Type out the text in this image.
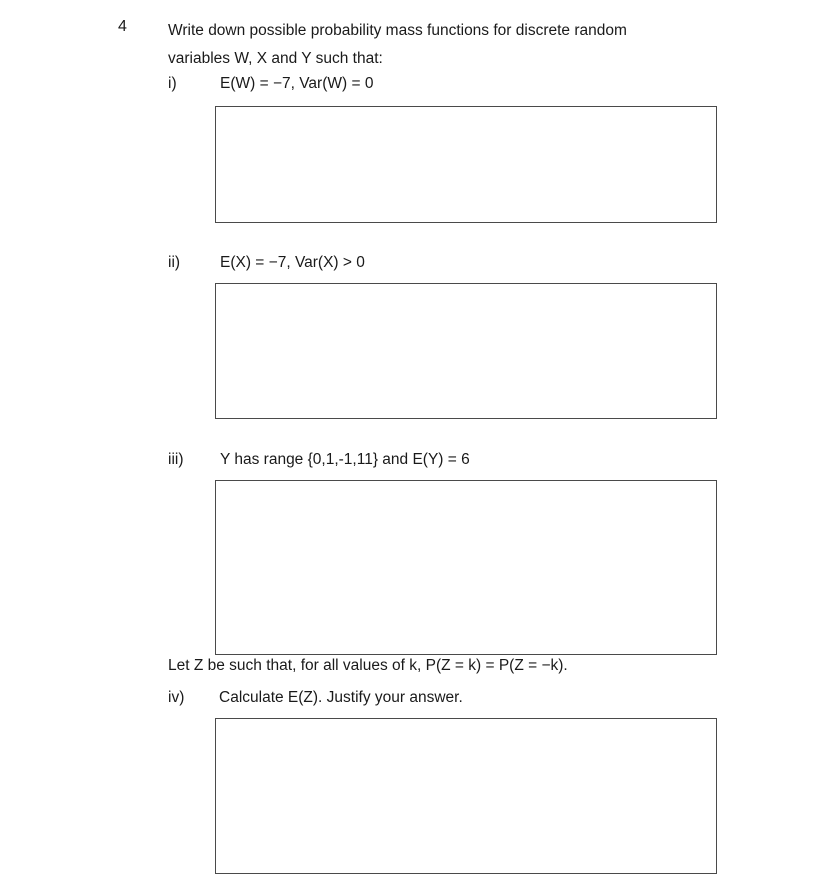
4	Write down possible probability mass functions for discrete random
variables W, X and Y such that:
i)	E(W) = −7, Var(W) = 0
ii)	E(X) = −7, Var(X) > 0
iii) Y has range {0,1,-1,11} and E(Y) = 6
Let Z be such that, for all values of k, P(Z = k) = P(Z = −k).
iv) Calculate E(Z). Justify your answer.
